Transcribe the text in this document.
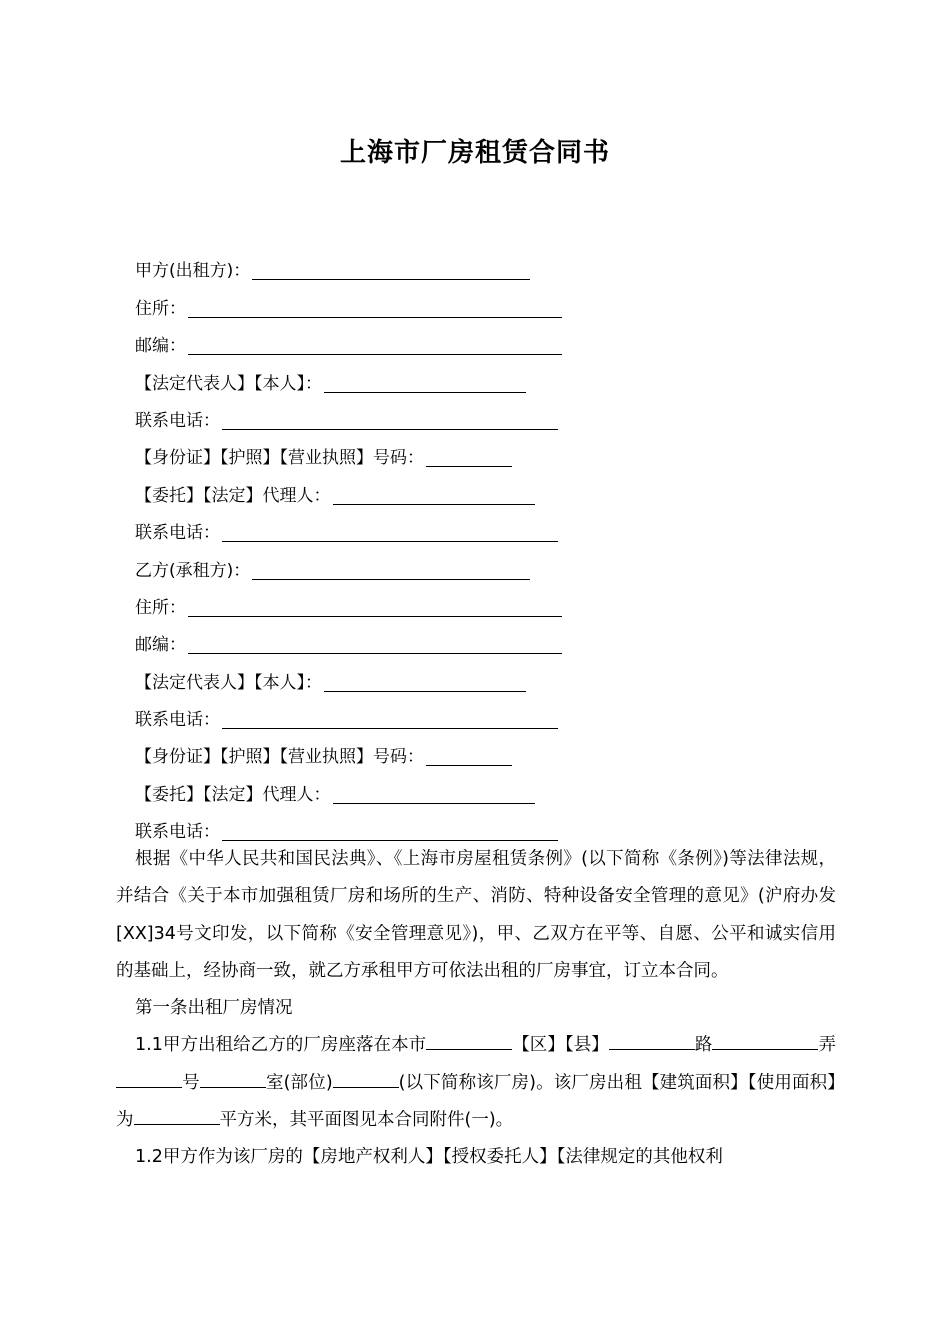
上海市厂房租赁合同书
甲方(出租方)：
住所：
邮编：
【法定代表人】【本人】：
联系电话：
【身份证】【护照】【营业执照】号码：
【委托】【法定】代理人：
联系电话：
乙方(承租方)：
住所：
邮编：
【法定代表人】【本人】：
联系电话：
【身份证】【护照】【营业执照】号码：
【委托】【法定】代理人：
联系电话：

根据《中华人民共和国民法典》、《上海市房屋租赁条例》(以下简称《条例》)等法律法规，并结合《关于本市加强租赁厂房和场所的生产、消防、特种设备安全管理的意见》(沪府办发[XX]34号文印发，以下简称《安全管理意见》)，甲、乙双方在平等、自愿、公平和诚实信用的基础上，经协商一致，就乙方承租甲方可依法出租的厂房事宜，订立本合同。

第一条出租厂房情况

1.1甲方出租给乙方的厂房座落在本市	【区】【县】	路	弄号	室(部位)	(以下简称该厂房)。该厂房出租【建筑面积】【使用面积】为	平方米，其平面图见本合同附件(一)。

1.2甲方作为该厂房的【房地产权利人】【授权委托人】【法律规定的其他权利
